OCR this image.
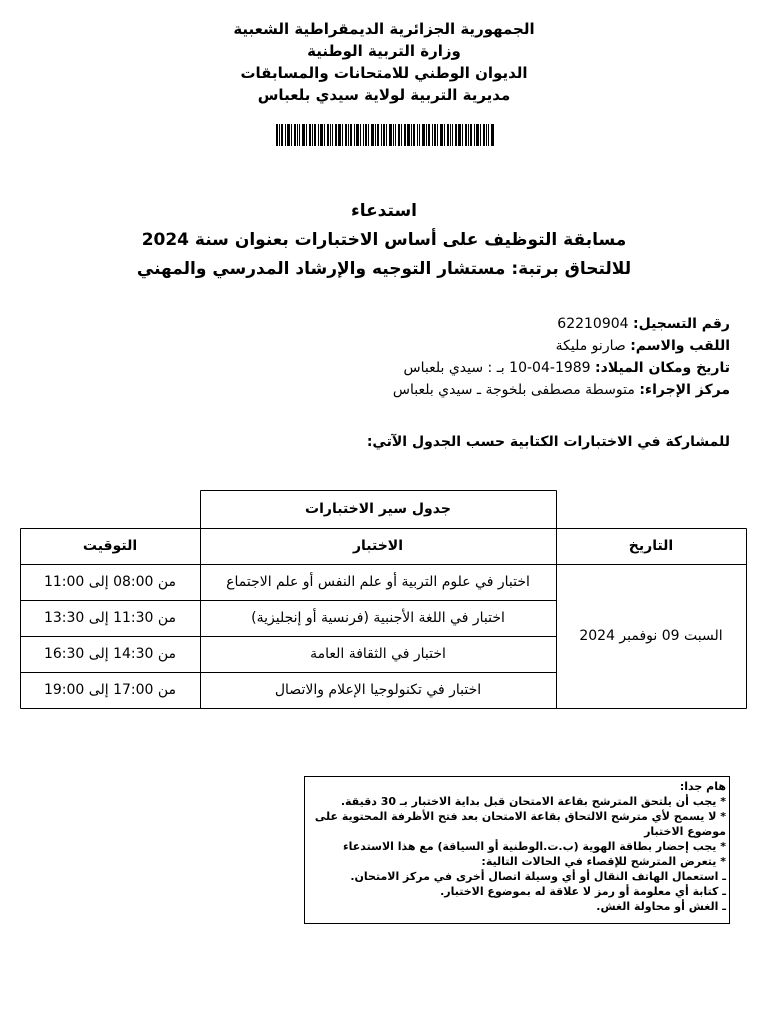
الجمهورية الجزائرية الديمقراطية الشعبية
وزارة التربية الوطنية
الديوان الوطني للامتحانات والمسابقات
مديرية التربية لولاية سيدي بلعباس
استدعاء
مسابقة التوظيف على أساس الاختبارات بعنوان سنة 2024
للالتحاق برتبة: مستشار التوجيه والإرشاد المدرسي والمهني
رقم التسجيل: 62210904
اللقب والاسم: صارنو مليكة
تاريخ ومكان الميلاد: 1989-04-10 بـ : سيدي بلعباس
مركز الإجراء: متوسطة مصطفى بلخوجة ـ سيدي بلعباس
للمشاركة في الاختبارات الكتابية حسب الجدول الآتي:
جدول سير الاختبارات
التاريخ
الاختبار
التوقيت
السبت 09 نوفمبر 2024
اختبار في علوم التربية أو علم النفس أو علم الاجتماع
من 08:00 إلى 11:00
اختبار في اللغة الأجنبية (فرنسية أو إنجليزية)
من 11:30 إلى 13:30
اختبار في الثقافة العامة
من 14:30 إلى 16:30
اختبار في تكنولوجيا الإعلام والاتصال
من 17:00 إلى 19:00
هام جدا:
* يجب أن يلتحق المترشح بقاعة الامتحان قبل بداية الاختبار بـ 30 دقيقة.
* لا يسمح لأي مترشح الالتحاق بقاعة الامتحان بعد فتح الأظرفة المحتوية على موضوع الاختبار
* يجب إحضار بطاقة الهوية (ب.ت.الوطنية أو السياقة) مع هذا الاستدعاء
* يتعرض المترشح للإقصاء في الحالات التالية:
ـ استعمال الهاتف النقال أو أي وسيلة اتصال أخرى في مركز الامتحان.
ـ كتابة أي معلومة أو رمز لا علاقة له بموضوع الاختبار.
ـ الغش أو محاولة الغش.
